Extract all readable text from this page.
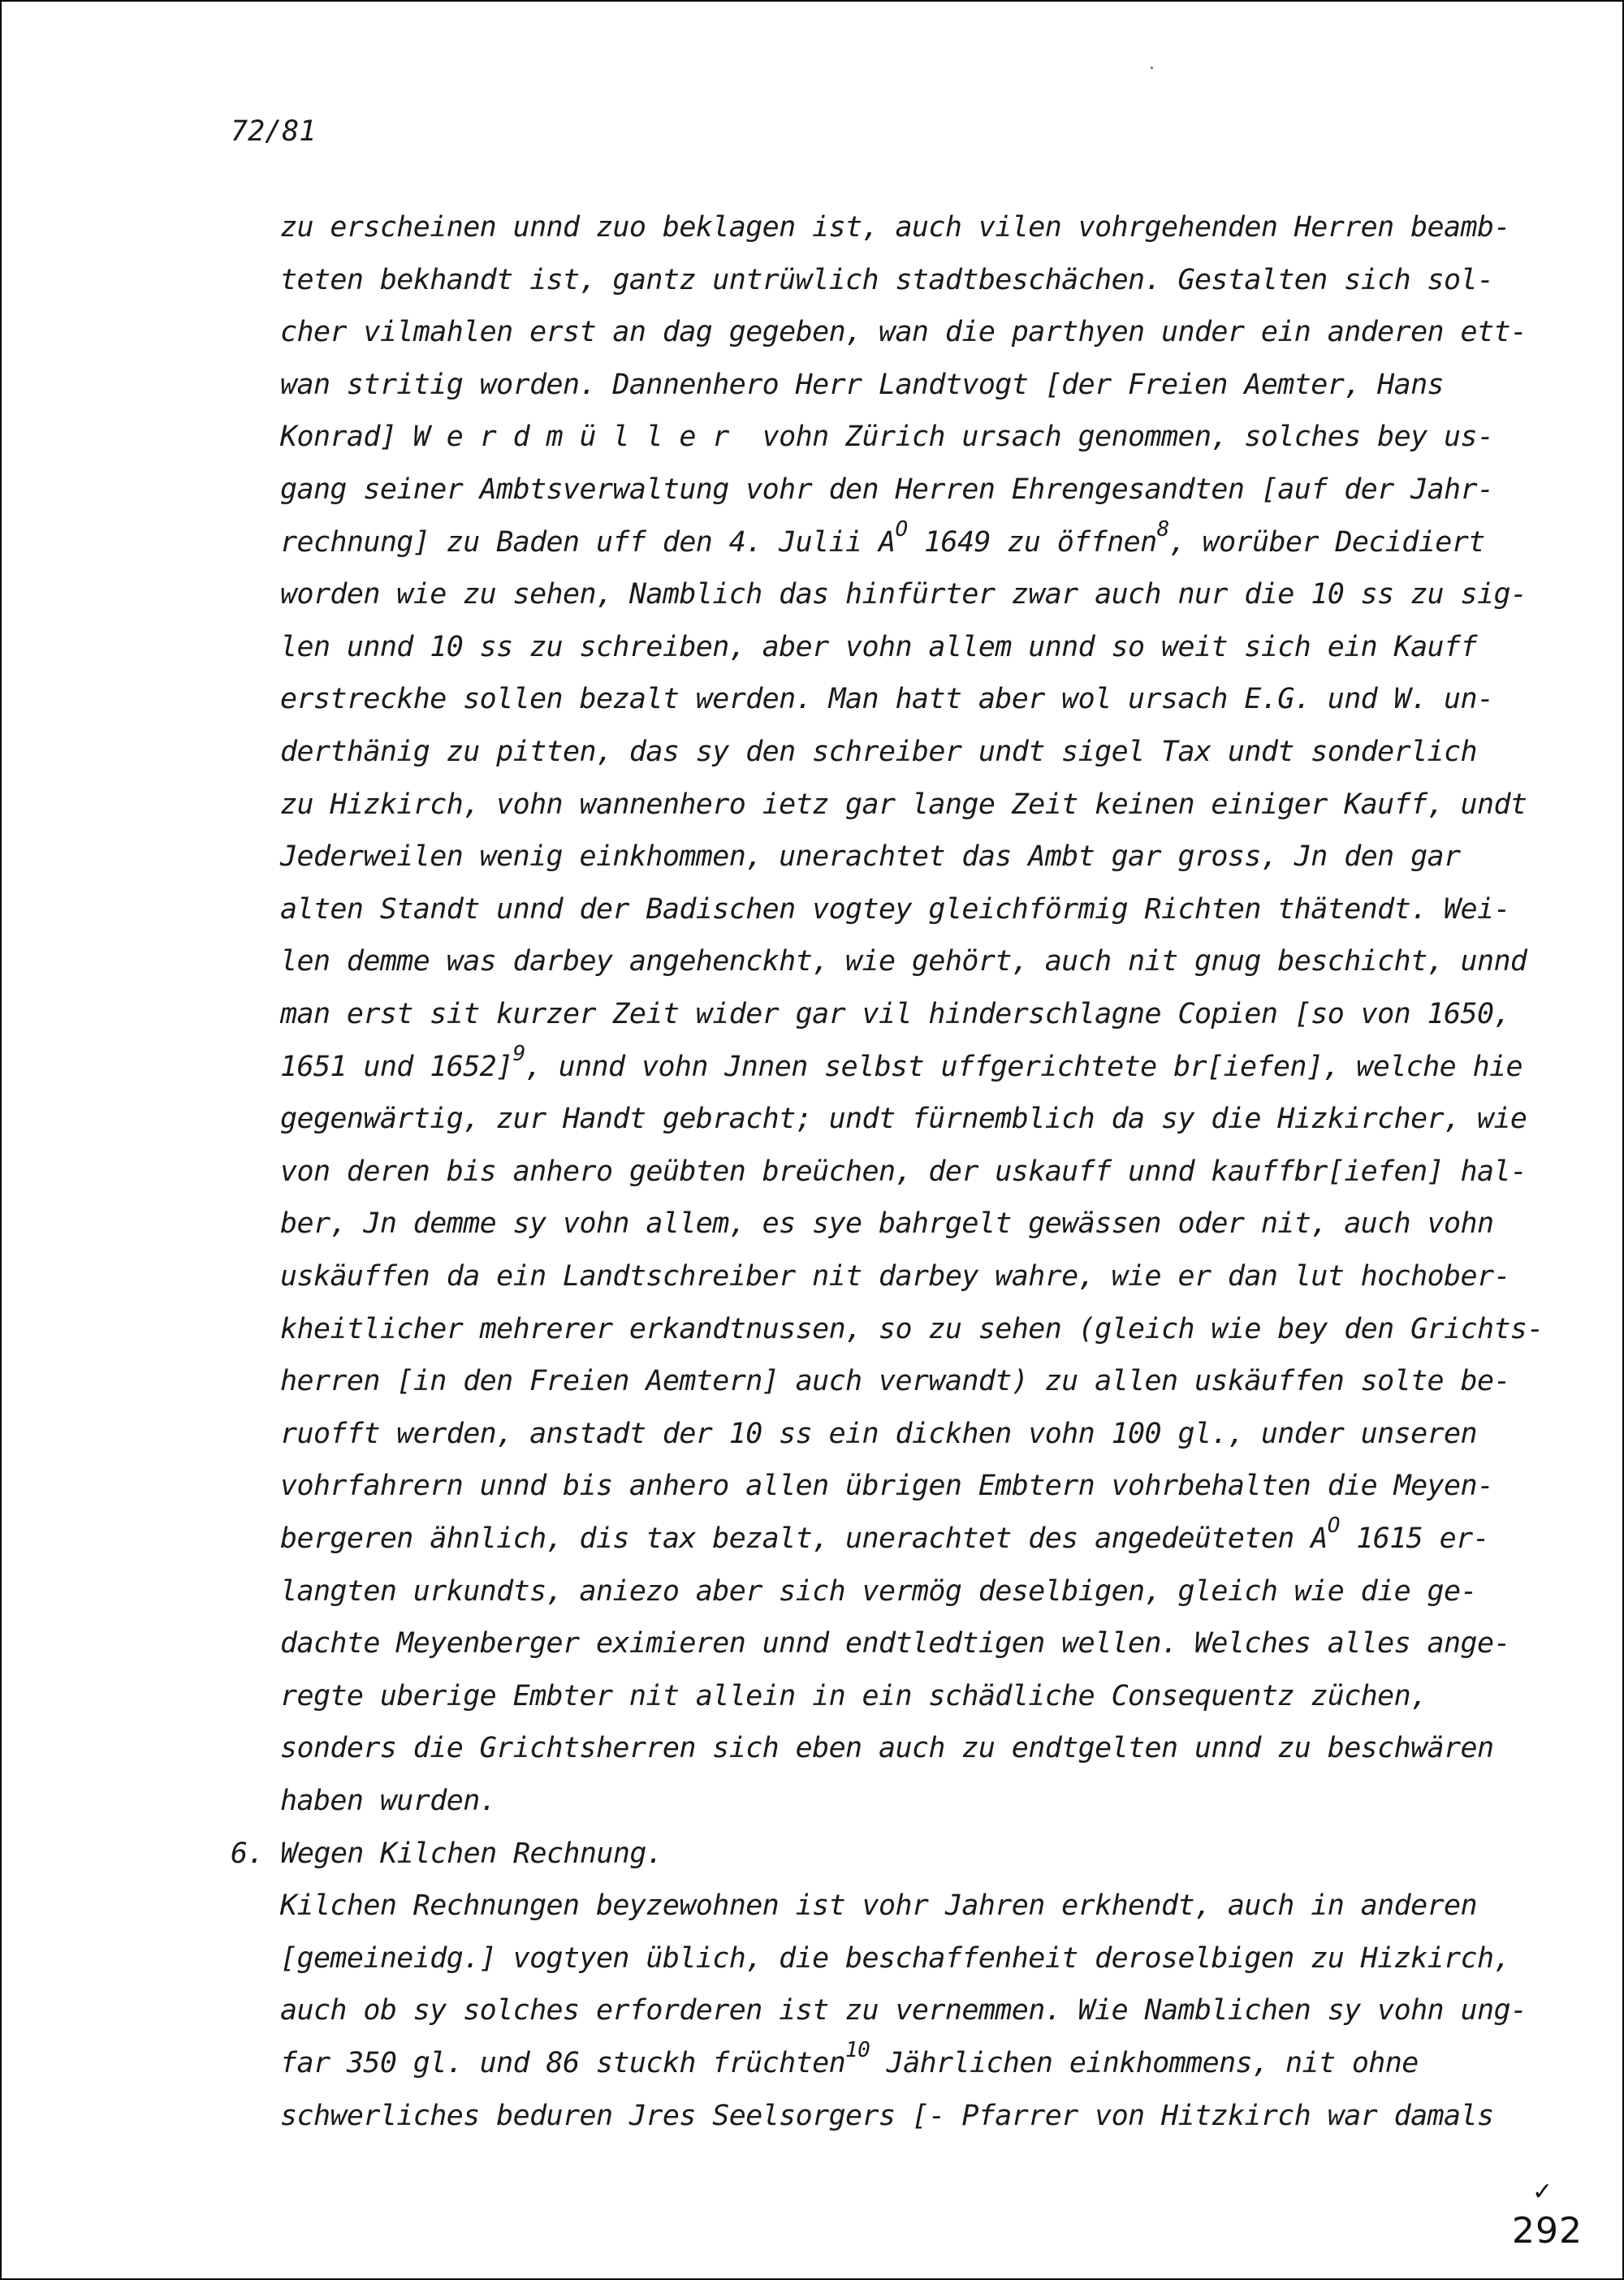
72/81
zu erscheinen unnd zuo beklagen ist, auch vilen vohrgehenden Herren beamb-
teten bekhandt ist, gantz untrüwlich stadtbeschächen. Gestalten sich sol-
cher vilmahlen erst an dag gegeben, wan die parthyen under ein anderen ett-
wan stritig worden. Dannenhero Herr Landtvogt [der Freien Aemter, Hans
Konrad] W e r d m ü l l e r  vohn Zürich ursach genommen, solches bey us-
gang seiner Ambtsverwaltung vohr den Herren Ehrengesandten [auf der Jahr-
rechnung] zu Baden uff den 4. Julii $A^O$ 1649 zu öffnen$^8$, worüber Decidiert
worden wie zu sehen, Namblich das hinfürter zwar auch nur die 10 ss zu sig-
len unnd 10 ss zu schreiben, aber vohn allem unnd so weit sich ein Kauff
erstreckhe sollen bezalt werden. Man hatt aber wol ursach E.G. und W. un-
derthänig zu pitten, das sy den schreiber undt sigel Tax undt sonderlich
zu Hizkirch, vohn wannenhero ietz gar lange Zeit keinen einiger Kauff, undt
Jederweilen wenig einkhommen, unerachtet das Ambt gar gross, Jn den gar
alten Standt unnd der Badischen vogtey gleichförmig Richten thätendt. Wei-
len demme was darbey angehenckht, wie gehört, auch nit gnug beschicht, unnd
man erst sit kurzer Zeit wider gar vil hinderschlagne Copien [so von 1650,
1651 und 1652]$^9$, unnd vohn Jnnen selbst uffgerichtete br[iefen], welche hie
gegenwärtig, zur Handt gebracht; undt fürnemblich da sy die Hizkircher, wie
von deren bis anhero geübten breüchen, der uskauff unnd kauffbr[iefen] hal-
ber, Jn demme sy vohn allem, es sye bahrgelt gewässen oder nit, auch vohn
uskäuffen da ein Landtschreiber nit darbey wahre, wie er dan lut hochober-
kheitlicher mehrerer erkandtnussen, so zu sehen (gleich wie bey den Grichts-
herren [in den Freien Aemtern] auch verwandt) zu allen uskäuffen solte be-
ruofft werden, anstadt der 10 ss ein dickhen vohn 100 gl., under unseren
vohrfahrern unnd bis anhero allen übrigen Embtern vohrbehalten die Meyen-
bergeren ähnlich, dis tax bezalt, unerachtet des angedeüteten $A^O$ 1615 er-
langten urkundts, aniezo aber sich vermög deselbigen, gleich wie die ge-
dachte Meyenberger eximieren unnd endtledtigen wellen. Welches alles ange-
regte uberige Embter nit allein in ein schädliche Consequentz züchen,
sonders die Grichtsherren sich eben auch zu endtgelten unnd zu beschwären
haben wurden.
6. Wegen Kilchen Rechnung.
Kilchen Rechnungen beyzewohnen ist vohr Jahren erkhendt, auch in anderen
[gemeineidg.] vogtyen üblich, die beschaffenheit deroselbigen zu Hizkirch,
auch ob sy solches erforderen ist zu vernemmen. Wie Namblichen sy vohn ung-
far 350 gl. und 86 stuckh früchten$^{10}$ Jährlichen einkhommens, nit ohne
schwerliches beduren Jres Seelsorgers [- Pfarrer von Hitzkirch war damals
✓
292
